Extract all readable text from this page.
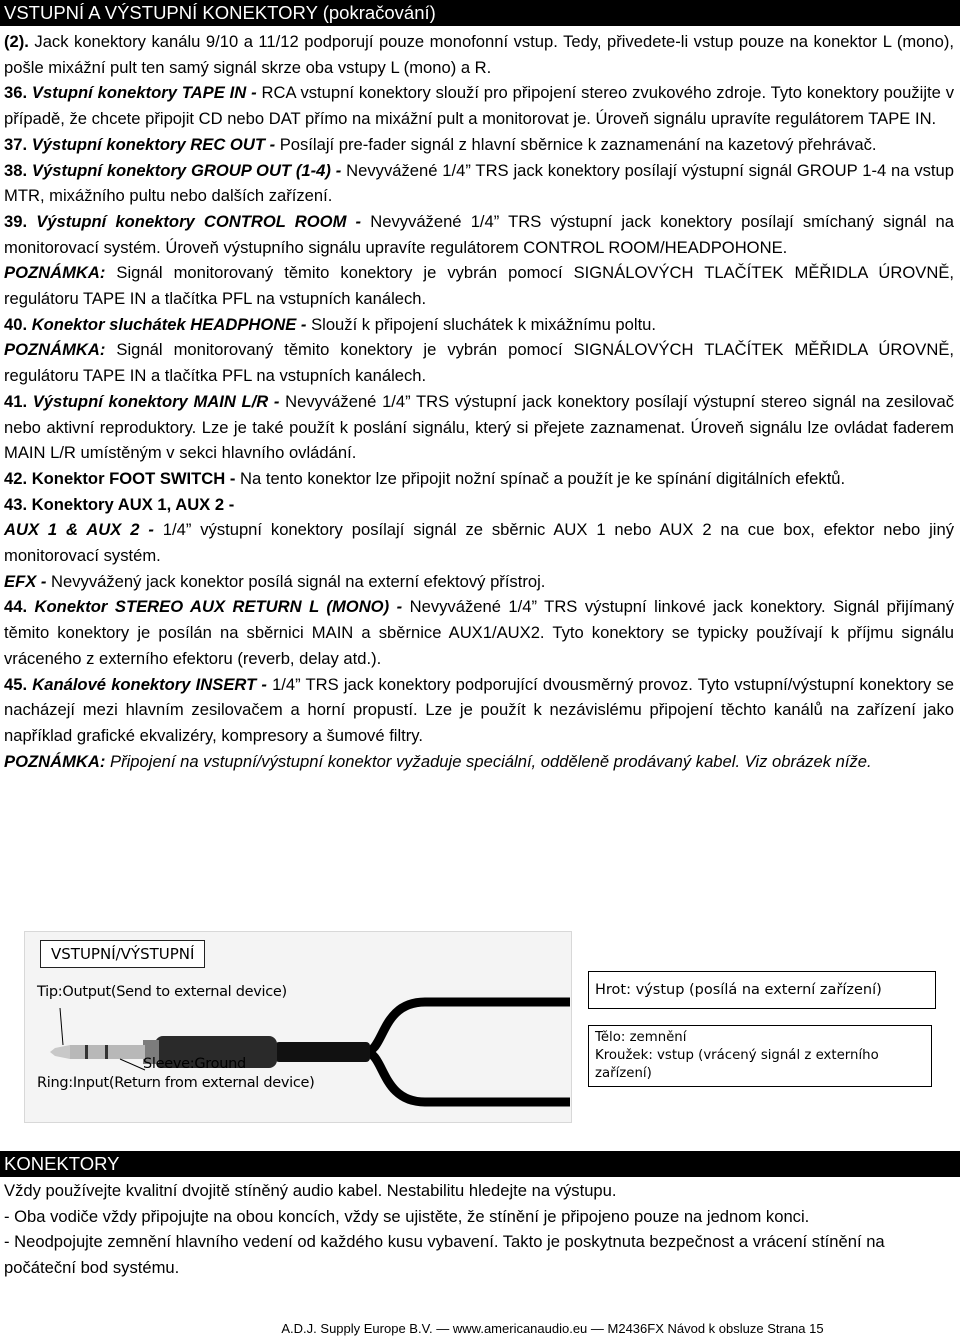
VSTUPNÍ A VÝSTUPNÍ KONEKTORY (pokračování)

(2). Jack konektory kanálu 9/10 a 11/12 podporují pouze monofonní vstup. Tedy, přivedete-li vstup pouze na konektor L (mono), pošle mixážní pult ten samý signál skrze oba vstupy L (mono) a R.

36. Vstupní konektory TAPE IN - RCA vstupní konektory slouží pro připojení stereo zvukového zdroje. Tyto konektory použijte v případě, že chcete připojit CD nebo DAT přímo na mixážní pult a monitorovat je. Úroveň signálu upravíte regulátorem TAPE IN.

37. Výstupní konektory REC OUT - Posílají pre-fader signál z hlavní sběrnice k zaznamenání na kazetový přehrávač.

38. Výstupní konektory GROUP OUT (1-4) - Nevyvážené 1/4” TRS jack konektory posílají výstupní signál GROUP 1-4 na vstup MTR, mixážního pultu nebo dalších zařízení.

39. Výstupní konektory CONTROL ROOM - Nevyvážené 1/4” TRS výstupní jack konektory posílají smíchaný signál na monitorovací systém. Úroveň výstupního signálu upravíte regulátorem CONTROL ROOM/HEADPOHONE.

POZNÁMKA: Signál monitorovaný těmito konektory je vybrán pomocí SIGNÁLOVÝCH TLAČÍTEK MĚŘIDLA ÚROVNĚ, regulátoru TAPE IN a tlačítka PFL na vstupních kanálech.

40. Konektor sluchátek HEADPHONE - Slouží k připojení sluchátek k mixážnímu poltu.

POZNÁMKA: Signál monitorovaný těmito konektory je vybrán pomocí SIGNÁLOVÝCH TLAČÍTEK MĚŘIDLA ÚROVNĚ, regulátoru TAPE IN a tlačítka PFL na vstupních kanálech.

41. Výstupní konektory MAIN L/R - Nevyvážené 1/4” TRS výstupní jack konektory posílají výstupní stereo signál na zesilovač nebo aktivní reproduktory. Lze je také použít k poslání signálu, který si přejete zaznamenat. Úroveň signálu lze ovládat faderem MAIN L/R umístěným v sekci hlavního ovládání.

42. Konektor FOOT SWITCH - Na tento konektor lze připojit nožní spínač a použít je ke spínání digitálních efektů.

43. Konektory AUX 1, AUX 2 -

AUX 1 & AUX 2 - 1/4” výstupní konektory posílají signál ze sběrnic AUX 1 nebo AUX 2 na cue box, efektor nebo jiný monitorovací systém.

EFX - Nevyvážený jack konektor posílá signál na externí efektový přístroj.

44. Konektor STEREO AUX RETURN L (MONO) - Nevyvážené 1/4” TRS výstupní linkové jack konektory. Signál přijímaný těmito konektory je posílán na sběrnici MAIN a sběrnice AUX1/AUX2. Tyto konektory se typicky používají k příjmu signálu vráceného z externího efektoru (reverb, delay atd.).

45. Kanálové konektory INSERT - 1/4” TRS jack konektory podporující dvousměrný provoz. Tyto vstupní/výstupní konektory se nacházejí mezi hlavním zesilovačem a horní propustí. Lze je použít k nezávislému připojení těchto kanálů na zařízení jako například grafické ekvalizéry, kompresory a šumové filtry.

POZNÁMKA: Připojení na vstupní/výstupní konektor vyžaduje speciální, odděleně prodávaný kabel. Viz obrázek níže.

VSTUPNÍ/VÝSTUPNÍ
Tip:Output(Send to external device)
Sleeve:Ground
Ring:Input(Return from external device)
Hrot: výstup (posílá na externí zařízení)
Tělo: zemnění
Kroužek: vstup (vrácený signál z externího zařízení)
KONEKTORY

Vždy používejte kvalitní dvojitě stíněný audio kabel. Nestabilitu hledejte na výstupu.

- Oba vodiče vždy připojujte na obou koncích, vždy se ujistěte, že stínění je připojeno pouze na jednom konci.

- Neodpojujte zemnění hlavního vedení od každého kusu vybavení. Takto je poskytnuta bezpečnost a vrácení stínění na počáteční bod systému.

A.D.J. Supply Europe B.V. — www.americanaudio.eu — M2436FX Návod k obsluze Strana 15
